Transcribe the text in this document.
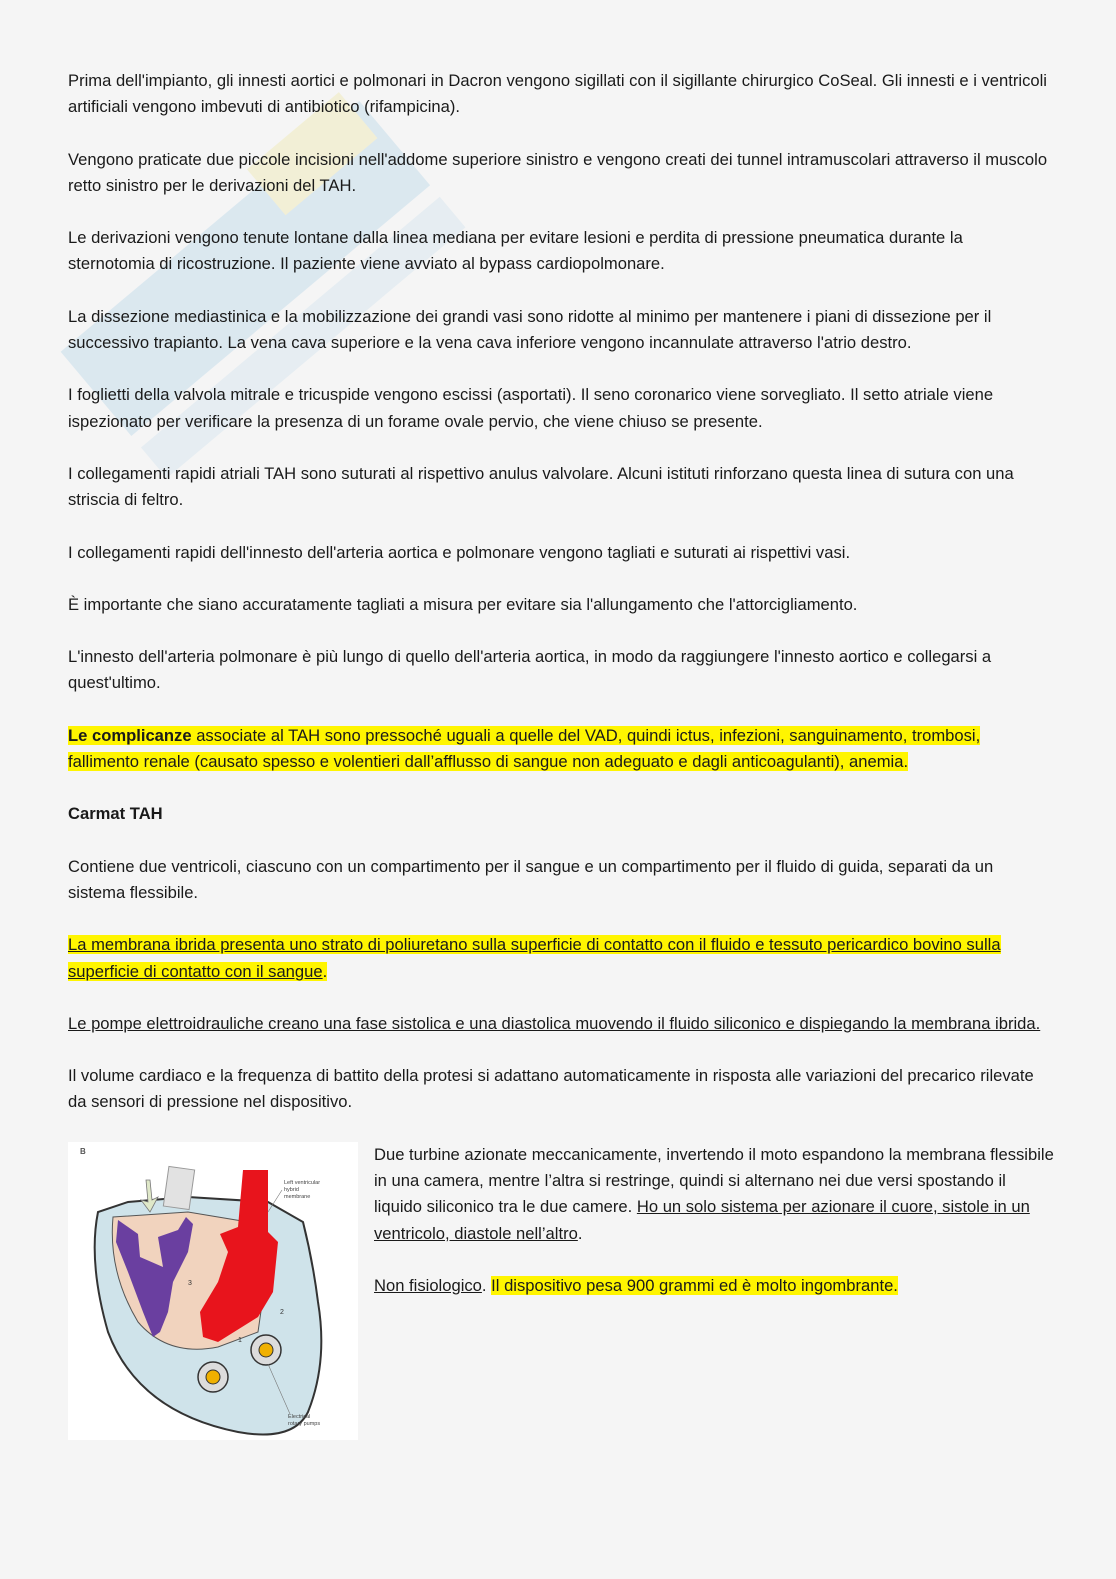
Prima dell'impianto, gli innesti aortici e polmonari in Dacron vengono sigillati con il sigillante chirurgico CoSeal. Gli innesti e i ventricoli artificiali vengono imbevuti di antibiotico (rifampicina).

Vengono praticate due piccole incisioni nell'addome superiore sinistro e vengono creati dei tunnel intramuscolari attraverso il muscolo retto sinistro per le derivazioni del TAH.

Le derivazioni vengono tenute lontane dalla linea mediana per evitare lesioni e perdita di pressione pneumatica durante la sternotomia di ricostruzione. Il paziente viene avviato al bypass cardiopolmonare.

La dissezione mediastinica e la mobilizzazione dei grandi vasi sono ridotte al minimo per mantenere i piani di dissezione per il successivo trapianto. La vena cava superiore e la vena cava inferiore vengono incannulate attraverso l'atrio destro.

I foglietti della valvola mitrale e tricuspide vengono escissi (asportati). Il seno coronarico viene sorvegliato. Il setto atriale viene ispezionato per verificare la presenza di un forame ovale pervio, che viene chiuso se presente.

I collegamenti rapidi atriali TAH sono suturati al rispettivo anulus valvolare. Alcuni istituti rinforzano questa linea di sutura con una striscia di feltro.

I collegamenti rapidi dell'innesto dell'arteria aortica e polmonare vengono tagliati e suturati ai rispettivi vasi.

È importante che siano accuratamente tagliati a misura per evitare sia l'allungamento che l'attorcigliamento.

L'innesto dell'arteria polmonare è più lungo di quello dell'arteria aortica, in modo da raggiungere l'innesto aortico e collegarsi a quest'ultimo.

Le complicanze associate al TAH sono pressoché uguali a quelle del VAD, quindi ictus, infezioni, sanguinamento, trombosi, fallimento renale (causato spesso e volentieri dall’afflusso di sangue non adeguato e dagli anticoagulanti), anemia.

Carmat TAH

Contiene due ventricoli, ciascuno con un compartimento per il sangue e un compartimento per il fluido di guida, separati da un sistema flessibile.

La membrana ibrida presenta uno strato di poliuretano sulla superficie di contatto con il fluido e tessuto pericardico bovino sulla superficie di contatto con il sangue.

Le pompe elettroidrauliche creano una fase sistolica e una diastolica muovendo il fluido siliconico e dispiegando la membrana ibrida.

Il volume cardiaco e la frequenza di battito della protesi si adattano automaticamente in risposta alle variazioni del precarico rilevate da sensori di pressione nel dispositivo.

B
3
2
1
Left ventricular hybrid membrane
Electrical rotary pumps

Due turbine azionate meccanicamente, invertendo il moto espandono la membrana flessibile in una camera, mentre l’altra si restringe, quindi si alternano nei due versi spostando il liquido siliconico tra le due camere. Ho un solo sistema per azionare il cuore, sistole in un ventricolo, diastole nell’altro.

Non fisiologico. Il dispositivo pesa 900 grammi ed è molto ingombrante.
